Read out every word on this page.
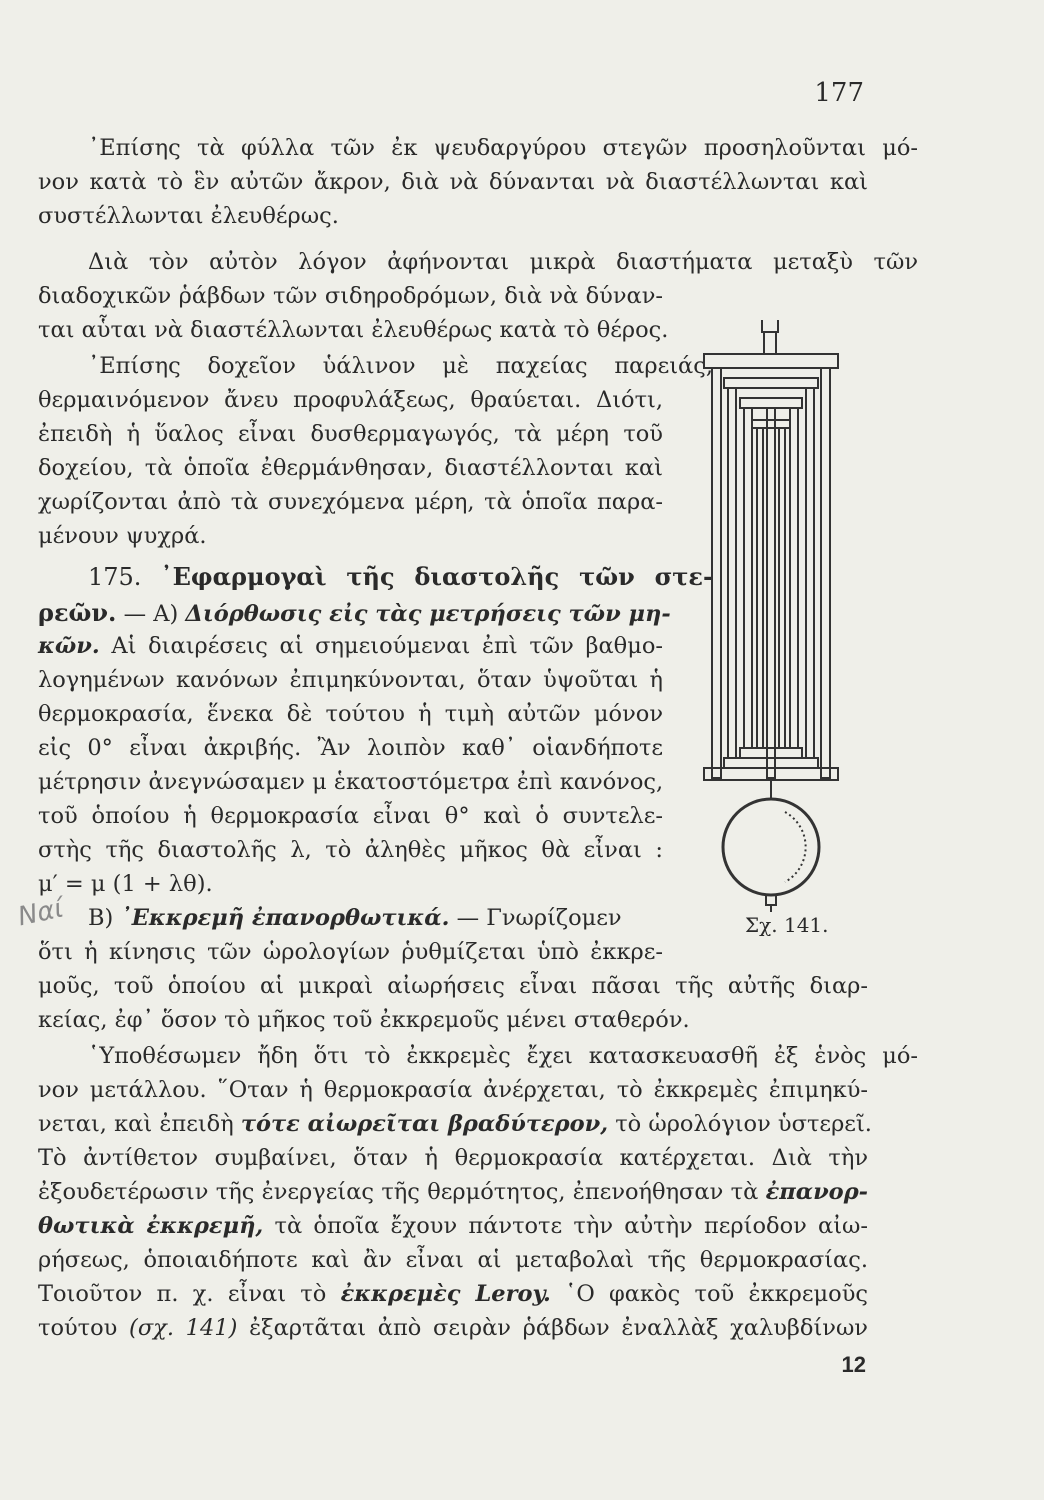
177
᾿Επίσης τὰ φύλλα τῶν ἐκ ψευδαργύρου στεγῶν προσηλοῦνται μό-
νον κατὰ τὸ ἓν αὐτῶν ἄκρον, διὰ νὰ δύνανται νὰ διαστέλλωνται καὶ
συστέλλωνται ἐλευθέρως.
Διὰ τὸν αὐτὸν λόγον ἀφήνονται μικρὰ διαστήματα μεταξὺ τῶν
διαδοχικῶν ῥάβδων τῶν σιδηροδρόμων, διὰ νὰ δύναν-
ται αὗται νὰ διαστέλλωνται ἐλευθέρως κατὰ τὸ θέρος.
᾿Επίσης δοχεῖον ὑάλινον μὲ παχείας παρειάς,
θερμαινόμενον ἄνευ προφυλάξεως, θραύεται. Διότι,
ἐπειδὴ ἡ ὕαλος εἶναι δυσθερμαγωγός, τὰ μέρη τοῦ
δοχείου, τὰ ὁποῖα ἐθερμάνθησαν, διαστέλλονται καὶ
χωρίζονται ἀπὸ τὰ συνεχόμενα μέρη, τὰ ὁποῖα παρα-
μένουν ψυχρά.
175. ᾿Εφαρμογαὶ τῆς διαστολῆς τῶν στε-
ρεῶν. — Α) Διόρθωσις εἰς τὰς μετρήσεις τῶν μη-
κῶν. Αἱ διαιρέσεις αἱ σημειούμεναι ἐπὶ τῶν βαθμο-
λογημένων κανόνων ἐπιμηκύνονται, ὅταν ὑψοῦται ἡ
θερμοκρασία, ἕνεκα δὲ τούτου ἡ τιμὴ αὐτῶν μόνον
εἰς 0° εἶναι ἀκριβής. Ἂν λοιπὸν καθ᾽ οἱανδήποτε
μέτρησιν ἀνεγνώσαμεν μ ἑκατοστόμετρα ἐπὶ κανόνος,
τοῦ ὁποίου ἡ θερμοκρασία εἶναι θ° καὶ ὁ συντελε-
στὴς τῆς διαστολῆς λ, τὸ ἀληθὲς μῆκος θὰ εἶναι :
μ′ = μ (1 + λθ).
Ναί Β) ᾿Εκκρεμῆ ἐπανορθωτικά. — Γνωρίζομεν
ὅτι ἡ κίνησις τῶν ὡρολογίων ῥυθμίζεται ὑπὸ ἐκκρε-
μοῦς, τοῦ ὁποίου αἱ μικραὶ αἰωρήσεις εἶναι πᾶσαι τῆς αὐτῆς διαρ-
κείας, ἐφ᾽ ὅσον τὸ μῆκος τοῦ ἐκκρεμοῦς μένει σταθερόν.
῾Υποθέσωμεν ἤδη ὅτι τὸ ἐκκρεμὲς ἔχει κατασκευασθῆ ἐξ ἑνὸς μό-
νον μετάλλου. ῞Οταν ἡ θερμοκρασία ἀνέρχεται, τὸ ἐκκρεμὲς ἐπιμηκύ-
νεται, καὶ ἐπειδὴ τότε αἰωρεῖται βραδύτερον, τὸ ὡρολόγιον ὑστερεῖ.
Τὸ ἀντίθετον συμβαίνει, ὅταν ἡ θερμοκρασία κατέρχεται. Διὰ τὴν
ἐξουδετέρωσιν τῆς ἐνεργείας τῆς θερμότητος, ἐπενοήθησαν τὰ ἐπανορ-
θωτικὰ ἐκκρεμῆ, τὰ ὁποῖα ἔχουν πάντοτε τὴν αὐτὴν περίοδον αἰω-
ρήσεως, ὁποιαιδήποτε καὶ ἂν εἶναι αἱ μεταβολαὶ τῆς θερμοκρασίας.
Τοιοῦτον π. χ. εἶναι τὸ ἐκκρεμὲς Leroy. ῾Ο φακὸς τοῦ ἐκκρεμοῦς
τούτου (σχ. 141) ἐξαρτᾶται ἀπὸ σειρὰν ῥάβδων ἐναλλὰξ χαλυβδίνων
Σχ. 141.
12
